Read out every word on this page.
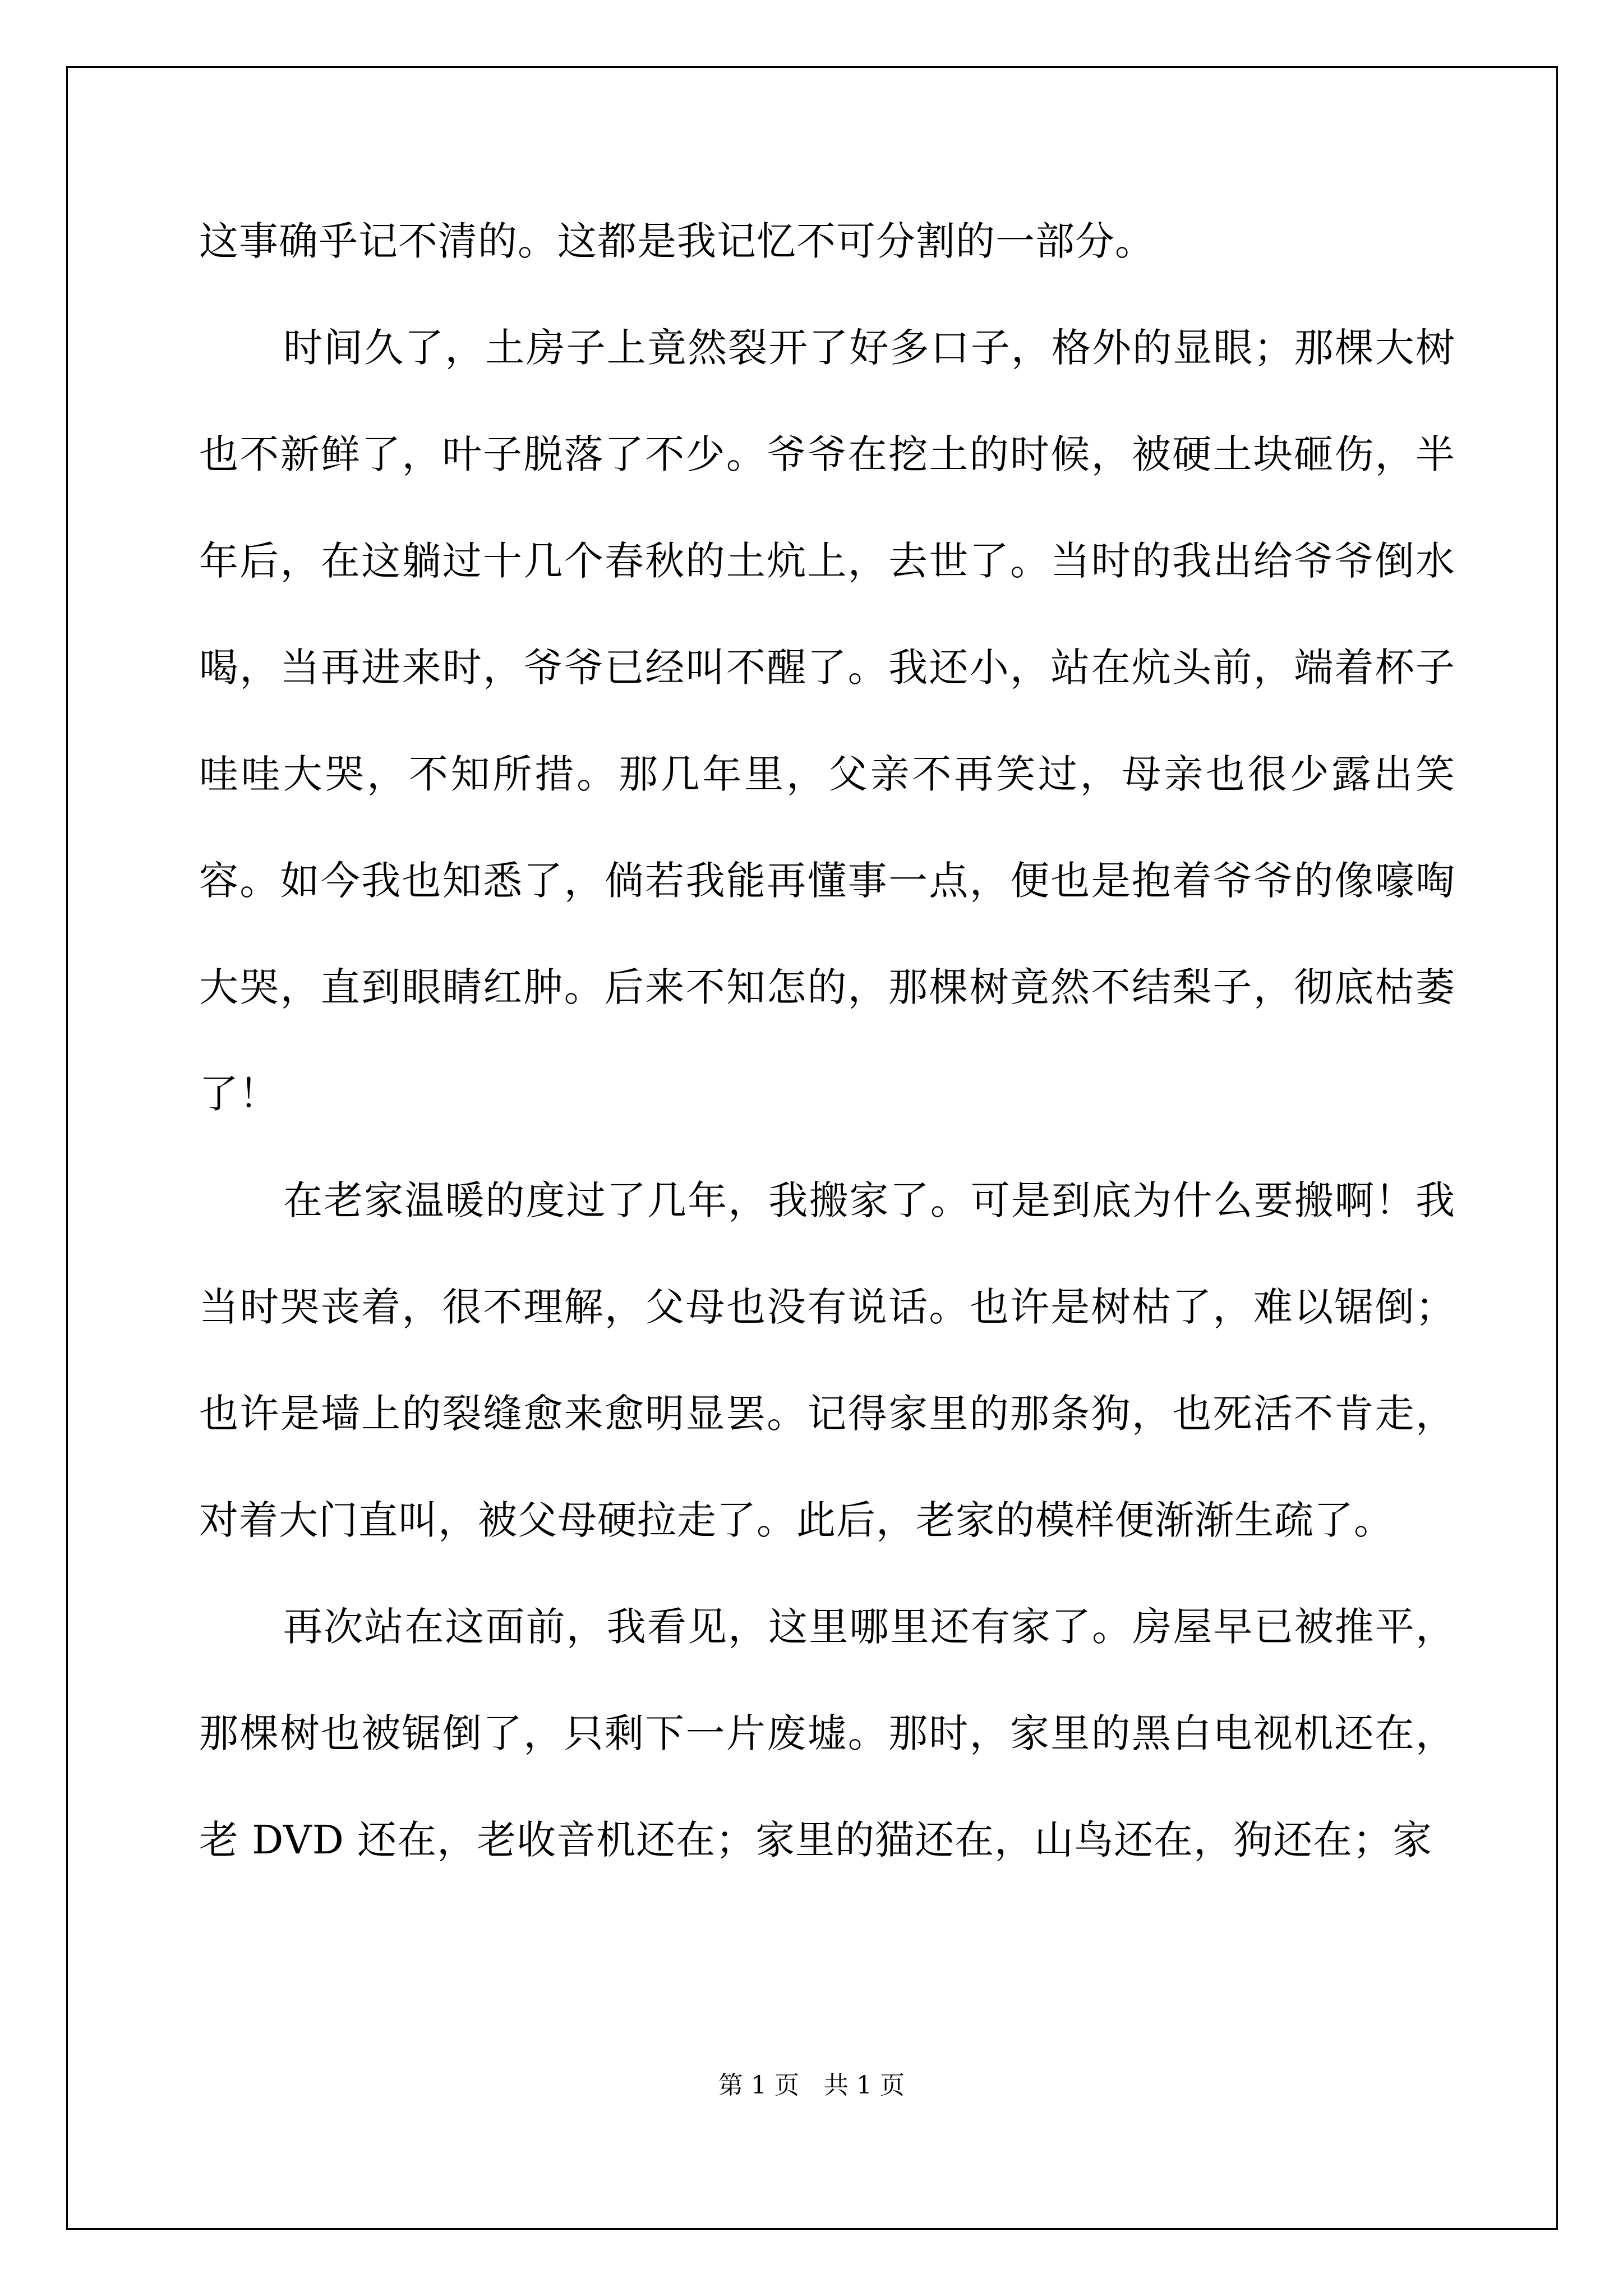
这事确乎记不清的。这都是我记忆不可分割的一部分。

时间久了，土房子上竟然裂开了好多口子，格外的显眼；那棵大树也不新鲜了，叶子脱落了不少。爷爷在挖土的时候，被硬土块砸伤，半年后，在这躺过十几个春秋的土炕上，去世了。当时的我出给爷爷倒水喝，当再进来时，爷爷已经叫不醒了。我还小，站在炕头前，端着杯子哇哇大哭，不知所措。那几年里，父亲不再笑过，母亲也很少露出笑容。如今我也知悉了，倘若我能再懂事一点，便也是抱着爷爷的像嚎啕大哭，直到眼睛红肿。后来不知怎的，那棵树竟然不结梨子，彻底枯萎了！

在老家温暖的度过了几年，我搬家了。可是到底为什么要搬啊！我当时哭丧着，很不理解，父母也没有说话。也许是树枯了，难以锯倒；也许是墙上的裂缝愈来愈明显罢。记得家里的那条狗，也死活不肯走，对着大门直叫，被父母硬拉走了。此后，老家的模样便渐渐生疏了。

再次站在这面前，我看见，这里哪里还有家了。房屋早已被推平，那棵树也被锯倒了，只剩下一片废墟。那时，家里的黑白电视机还在，老 DVD 还在，老收音机还在；家里的猫还在，山鸟还在，狗还在；家

第 1 页　共 1 页
